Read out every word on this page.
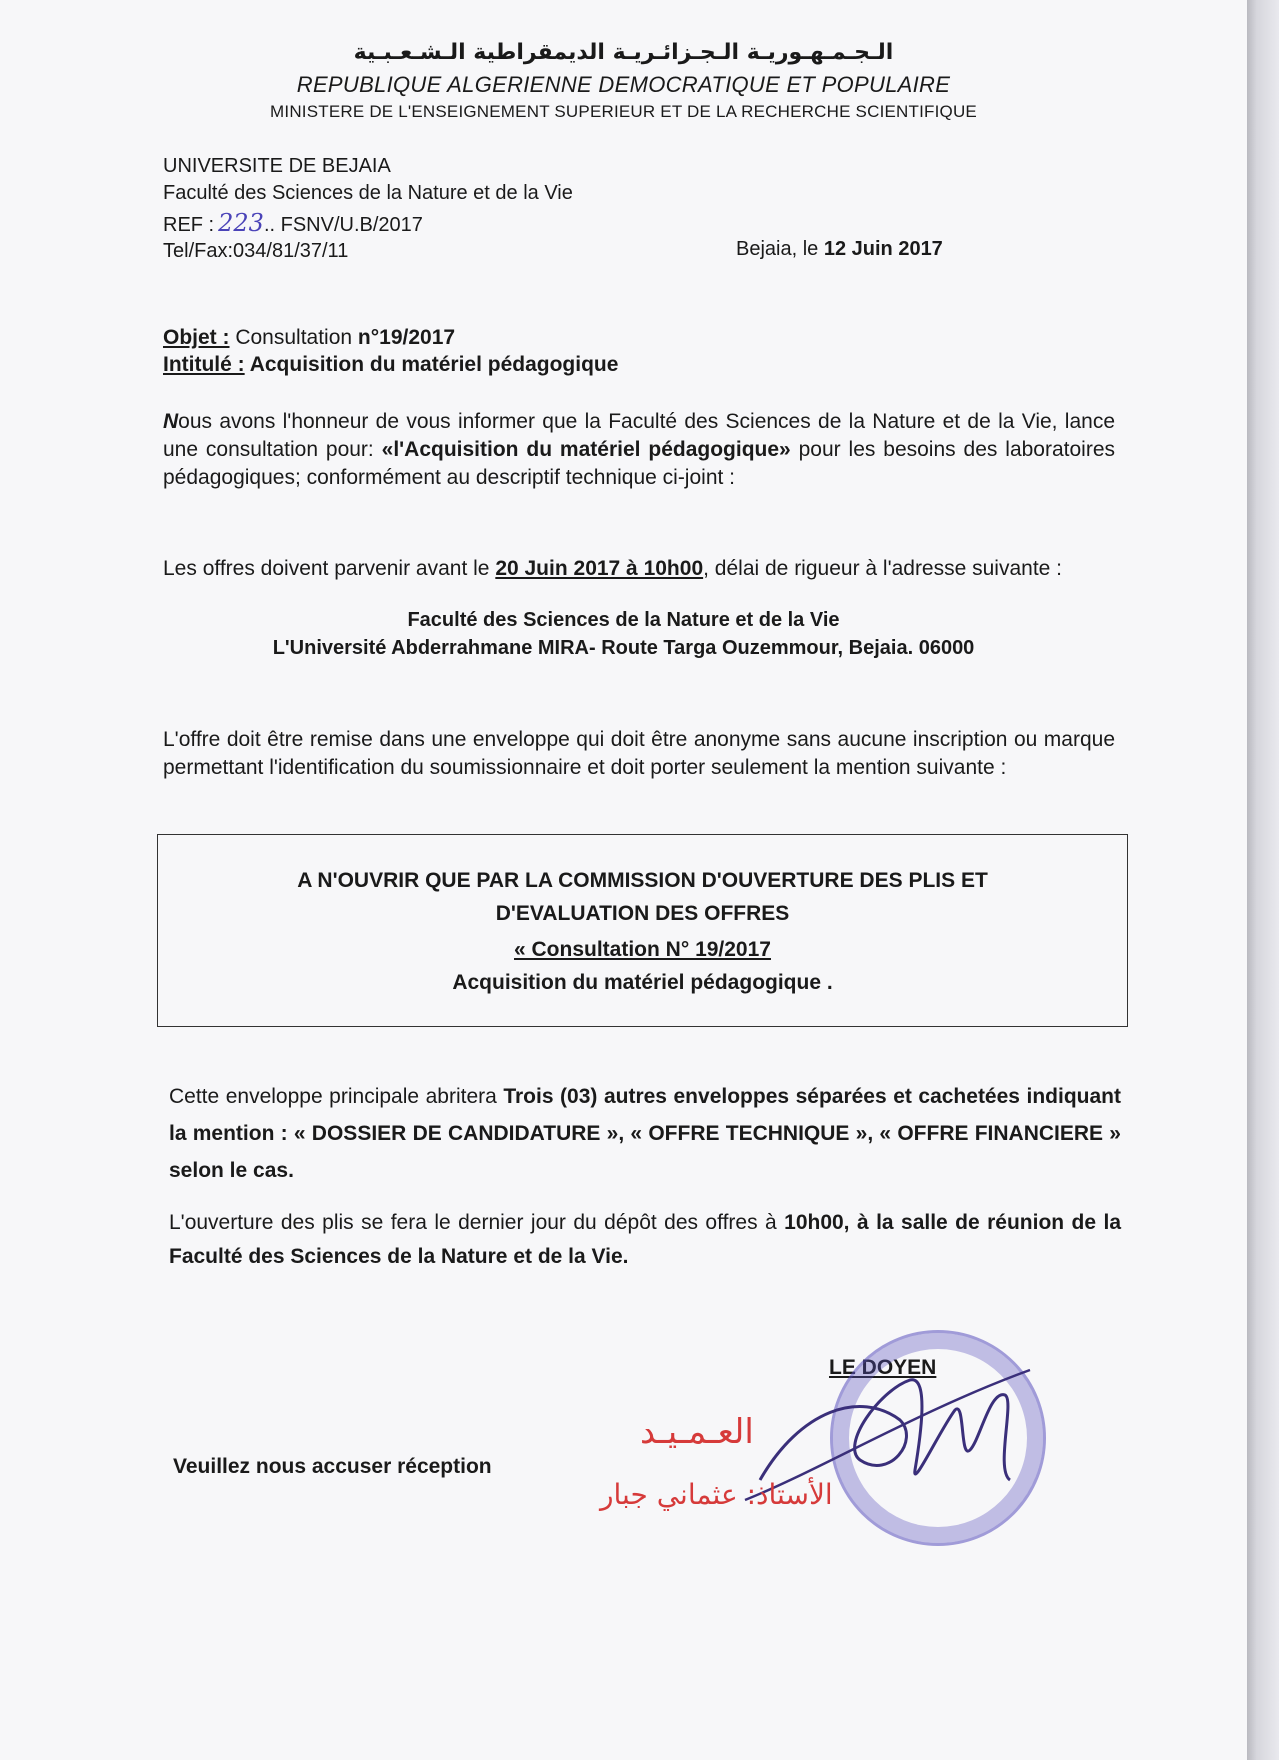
الـجـمـهـوريـة الـجـزائـريـة الديمقراطية الـشـعـبـية
REPUBLIQUE ALGERIENNE DEMOCRATIQUE ET POPULAIRE
MINISTERE DE L'ENSEIGNEMENT SUPERIEUR ET DE LA RECHERCHE SCIENTIFIQUE
UNIVERSITE DE BEJAIA
Faculté des Sciences de la Nature et de la Vie
REF : 223.. FSNV/U.B/2017
Tel/Fax:034/81/37/11	Bejaia, le 12 Juin 2017
Objet : Consultation n°19/2017
Intitulé : Acquisition du matériel pédagogique
Nous avons l'honneur de vous informer que la Faculté des Sciences de la Nature et de la Vie, lance une consultation pour: «l'Acquisition du matériel pédagogique» pour les besoins des laboratoires pédagogiques; conformément au descriptif technique ci-joint :
Les offres doivent parvenir avant le 20 Juin 2017 à 10h00, délai de rigueur à l'adresse suivante :
Faculté des Sciences de la Nature et de la Vie
L'Université Abderrahmane MIRA- Route Targa Ouzemmour, Bejaia. 06000
L'offre doit être remise dans une enveloppe qui doit être anonyme sans aucune inscription ou marque permettant l'identification du soumissionnaire et doit porter seulement la mention suivante :
A N'OUVRIR QUE PAR LA COMMISSION D'OUVERTURE DES PLIS ET
D'EVALUATION DES OFFRES
« Consultation N° 19/2017
Acquisition du matériel pédagogique .
Cette enveloppe principale abritera Trois (03) autres enveloppes séparées et cachetées indiquant la mention : « DOSSIER DE CANDIDATURE », « OFFRE TECHNIQUE », « OFFRE FINANCIERE » selon le cas.
L'ouverture des plis se fera le dernier jour du dépôt des offres à 10h00, à la salle de réunion de la Faculté des Sciences de la Nature et de la Vie.
LE DOYEN
العـمـيـد
الأستاذ: عثماني جبار
Veuillez nous accuser réception
